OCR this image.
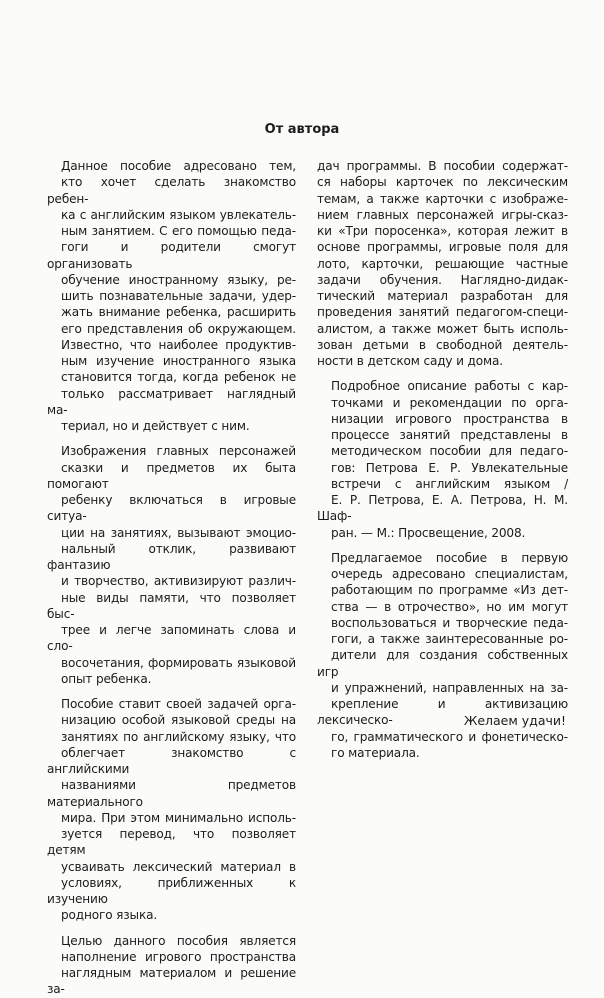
От автора

Данное пособие адресовано тем,
кто хочет сделать знакомство ребен-
ка с английским языком увлекатель-
ным занятием. С его помощью педа-
гоги и родители смогут организовать
обучение иностранному языку, ре-
шить познавательные задачи, удер-
жать внимание ребенка, расширить
его представления об окружающем.
Известно, что наиболее продуктив-
ным изучение иностранного языка
становится тогда, когда ребенок не
только рассматривает наглядный ма-
териал, но и действует с ним.

Изображения главных персонажей
сказки и предметов их быта помогают
ребенку включаться в игровые ситуа-
ции на занятиях, вызывают эмоцио-
нальный отклик, развивают фантазию
и творчество, активизируют различ-
ные виды памяти, что позволяет быс-
трее и легче запоминать слова и сло-
восочетания, формировать языковой
опыт ребенка.

Пособие ставит своей задачей орга-
низацию особой языковой среды на
занятиях по английскому языку, что
облегчает знакомство с английскими
названиями предметов материального
мира. При этом минимально исполь-
зуется перевод, что позволяет детям
усваивать лексический материал в
условиях, приближенных к изучению
родного языка.

Целью данного пособия является
наполнение игрового пространства
наглядным материалом и решение за-

дач программы. В пособии содержат-
ся наборы карточек по лексическим
темам, а также карточки с изображе-
нием главных персонажей игры-сказ-
ки «Три поросенка», которая лежит в
основе программы, игровые поля для
лото, карточки, решающие частные
задачи обучения. Наглядно-дидак-
тический материал разработан для
проведения занятий педагогом-специ-
алистом, а также может быть исполь-
зован детьми в свободной деятель-
ности в детском саду и дома.

Подробное описание работы с кар-
точками и рекомендации по орга-
низации игрового пространства в
процессе занятий представлены в
методическом пособии для педаго-
гов: Петрова Е. Р. Увлекательные
встречи с английским языком /
Е. Р. Петрова, Е. А. Петрова, Н. М. Шаф-
ран. — М.: Просвещение, 2008.

Предлагаемое пособие в первую
очередь адресовано специалистам,
работающим по программе «Из дет-
ства — в отрочество», но им могут
воспользоваться и творческие педа-
гоги, а также заинтересованные ро-
дители для создания собственных игр
и упражнений, направленных на за-
крепление и активизацию лексическо-
го, грамматического и фонетическо-
го материала.

Желаем удачи!
